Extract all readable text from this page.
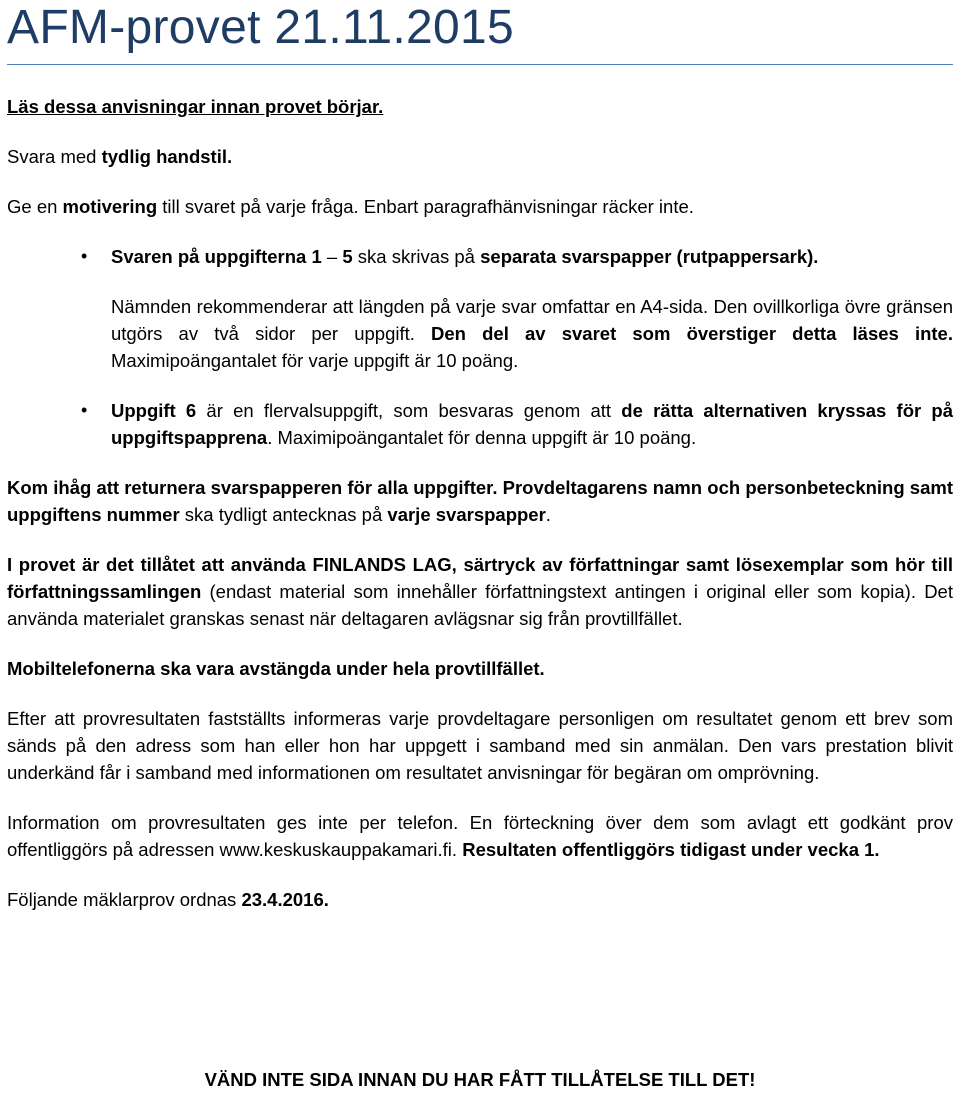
AFM-provet 21.11.2015

Läs dessa anvisningar innan provet börjar.

Svara med tydlig handstil.

Ge en motivering till svaret på varje fråga. Enbart paragrafhänvisningar räcker inte.

• Svaren på uppgifterna 1 – 5 ska skrivas på separata svarspapper (rutpappersark).
Nämnden rekommenderar att längden på varje svar omfattar en A4-sida. Den ovillkorliga övre gränsen utgörs av två sidor per uppgift. Den del av svaret som överstiger detta läses inte. Maximipoängantalet för varje uppgift är 10 poäng.
• Uppgift 6 är en flervalsuppgift, som besvaras genom att de rätta alternativen kryssas för på uppgiftspapprena. Maximipoängantalet för denna uppgift är 10 poäng.

Kom ihåg att returnera svarspapperen för alla uppgifter. Provdeltagarens namn och personbeteckning samt uppgiftens nummer ska tydligt antecknas på varje svarspapper.

I provet är det tillåtet att använda FINLANDS LAG, särtryck av författningar samt lösexemplar som hör till författningssamlingen (endast material som innehåller författningstext antingen i original eller som kopia). Det använda materialet granskas senast när deltagaren avlägsnar sig från provtillfället.

Mobiltelefonerna ska vara avstängda under hela provtillfället.

Efter att provresultaten fastställts informeras varje provdeltagare personligen om resultatet genom ett brev som sänds på den adress som han eller hon har uppgett i samband med sin anmälan. Den vars prestation blivit underkänd får i samband med informationen om resultatet anvisningar för begäran om omprövning.

Information om provresultaten ges inte per telefon. En förteckning över dem som avlagt ett godkänt prov offentliggörs på adressen www.keskuskauppakamari.fi. Resultaten offentliggörs tidigast under vecka 1.

Följande mäklarprov ordnas 23.4.2016.

VÄND INTE SIDA INNAN DU HAR FÅTT TILLÅTELSE TILL DET!
